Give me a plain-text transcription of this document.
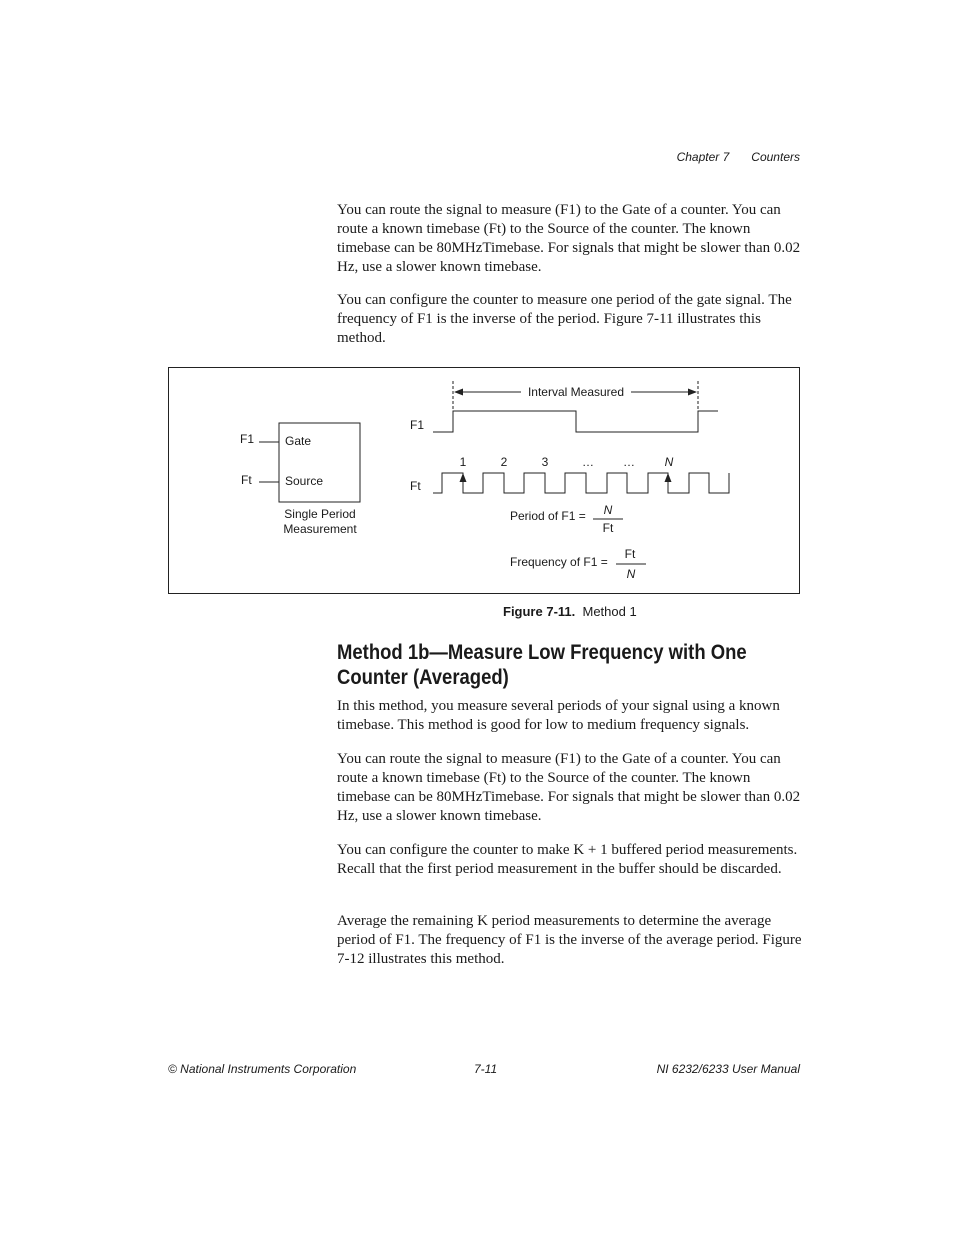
Chapter 7 Counters

You can route the signal to measure (F1) to the Gate of a counter. You can route a known timebase (Ft) to the Source of the counter. The known timebase can be 80MHzTimebase. For signals that might be slower than 0.02 Hz, use a slower known timebase.

You can configure the counter to measure one period of the gate signal. The frequency of F1 is the inverse of the period. Figure 7-11 illustrates this method.

F1
Ft
Gate
Source
Single Period
Measurement
Interval Measured
F1
1	2	3	… … N
Ft
Period of F1 = N
Ft
Frequency of F1 =
Ft
N
Figure 7-11. Method 1
Method 1b—Measure Low Frequency with One Counter (Averaged)

In this method, you measure several periods of your signal using a known timebase. This method is good for low to medium frequency signals.

You can route the signal to measure (F1) to the Gate of a counter. You can route a known timebase (Ft) to the Source of the counter. The known timebase can be 80MHzTimebase. For signals that might be slower than 0.02 Hz, use a slower known timebase.

You can configure the counter to make K + 1 buffered period measurements. Recall that the first period measurement in the buffer should be discarded.

Average the remaining K period measurements to determine the average period of F1. The frequency of F1 is the inverse of the average period. Figure 7-12 illustrates this method.

© National Instruments Corporation	7-11	NI 6232/6233 User Manual
